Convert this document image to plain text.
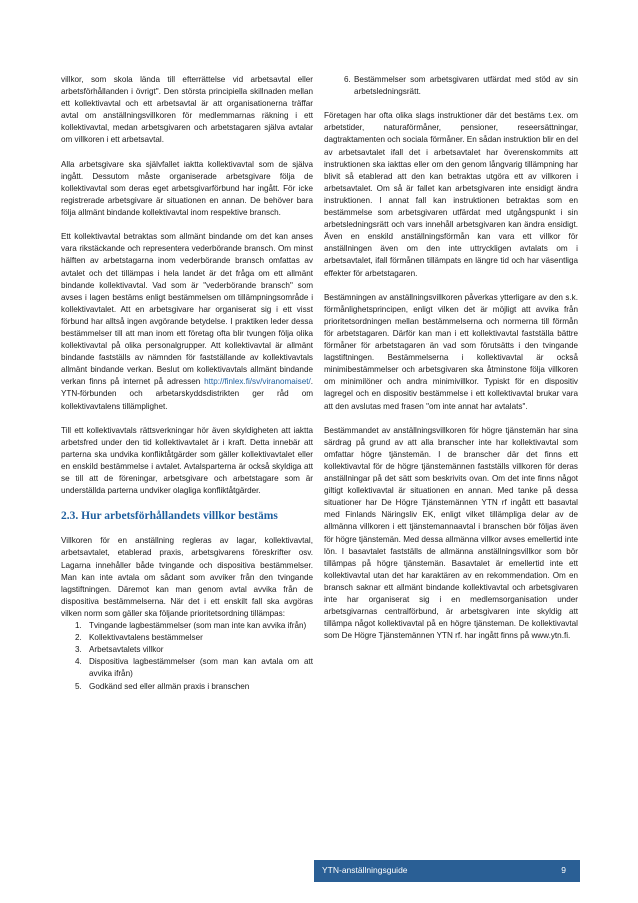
villkor, som skola lända till efterrättelse vid arbetsavtal eller arbetsförhållanden i övrigt". Den största principiella skillnaden mellan ett kollektivavtal och ett arbetsavtal är att organisationerna träffar avtal om anställningsvillkoren för medlemmarnas räkning i ett kollektivavtal, medan arbetsgivaren och arbetstagaren själva avtalar om villkoren i ett arbetsavtal.

Alla arbetsgivare ska självfallet iaktta kollektivavtal som de själva ingått. Dessutom måste organiserade arbetsgivare följa de kollektivavtal som deras eget arbetsgivarförbund har ingått. För icke registrerade arbetsgivare är situationen en annan. De behöver bara följa allmänt bindande kollektivavtal inom respektive bransch.

Ett kollektivavtal betraktas som allmänt bindande om det kan anses vara rikstäckande och representera vederbörande bransch. Om minst hälften av arbetstagarna inom vederbörande bransch omfattas av avtalet och det tillämpas i hela landet är det fråga om ett allmänt bindande kollektivavtal. Vad som är "vederbörande bransch" som avses i lagen bestäms enligt bestämmelsen om tillämpningsområde i kollektivavtalet. Att en arbetsgivare har organiserat sig i ett visst förbund har alltså ingen avgörande betydelse. I praktiken leder dessa bestämmelser till att man inom ett företag ofta blir tvungen följa olika kollektivavtal på olika personalgrupper. Att kollektivavtal är allmänt bindande fastställs av nämnden för fastställande av kollektivavtals allmänt bindande verkan. Beslut om kollektivavtals allmänt bindande verkan finns på internet på adressen http://finlex.fi/sv/viranomaiset/. YTN-förbunden och arbetarskyddsdistrikten ger råd om kollektivavtalens tillämplighet.

Till ett kollektivavtals rättsverkningar hör även skyldigheten att iaktta arbetsfred under den tid kollektivavtalet är i kraft. Detta innebär att parterna ska undvika konfliktåtgärder som gäller kollektivavtalet eller en enskild bestämmelse i avtalet. Avtalsparterna är också skyldiga att se till att de föreningar, arbetsgivare och arbetstagare som är underställda parterna undviker olagliga konfliktåtgärder.

2.3. Hur arbetsförhållandets villkor bestäms

Villkoren för en anställning regleras av lagar, kollektivavtal, arbetsavtalet, etablerad praxis, arbetsgivarens föreskrifter osv. Lagarna innehåller både tvingande och dispositiva bestämmelser. Man kan inte avtala om sådant som avviker från den tvingande lagstiftningen. Däremot kan man genom avtal avvika från de dispositiva bestämmelserna. När det i ett enskilt fall ska avgöras vilken norm som gäller ska följande prioritetsordning tillämpas:

1. Tvingande lagbestämmelser (som man inte kan avvika ifrån)
2. Kollektivavtalens bestämmelser
3. Arbetsavtalets villkor
4. Dispositiva lagbestämmelser (som man kan avtala om att avvika ifrån)
5. Godkänd sed eller allmän praxis i branschen
6. Bestämmelser som arbetsgivaren utfärdat med stöd av sin arbetsledningsrätt.

Företagen har ofta olika slags instruktioner där det bestäms t.ex. om arbetstider, naturaförmåner, pensioner, reseersättningar, dagtraktamenten och sociala förmåner. En sådan instruktion blir en del av arbetsavtalet ifall det i arbetsavtalet har överenskommits att instruktionen ska iakttas eller om den genom långvarig tillämpning har blivit så etablerad att den kan betraktas utgöra ett av villkoren i arbetsavtalet. Om så är fallet kan arbetsgivaren inte ensidigt ändra instruktionen. I annat fall kan instruktionen betraktas som en bestämmelse som arbetsgivaren utfärdat med utgångspunkt i sin arbetsledningsrätt och vars innehåll arbetsgivaren kan ändra ensidigt. Även en enskild anställningsförmån kan vara ett villkor för anställningen även om den inte uttryckligen avtalats om i arbetsavtalet, ifall förmånen tillämpats en längre tid och har väsentliga effekter för arbetstagaren.

Bestämningen av anställningsvillkoren påverkas ytterligare av den s.k. förmånlighetsprincipen, enligt vilken det är möjligt att avvika från prioritetsordningen mellan bestämmelserna och normerna till förmån för arbetstagaren. Därför kan man i ett kollektivavtal fastställa bättre förmåner för arbetstagaren än vad som förutsätts i den tvingande lagstiftningen. Bestämmelserna i kollektivavtal är också minimibestämmelser och arbetsgivaren ska åtminstone följa villkoren om minimilöner och andra minimivillkor. Typiskt för en dispositiv lagregel och en dispositiv bestämmelse i ett kollektivavtal brukar vara att den avslutas med frasen "om inte annat har avtalats".

Bestämmandet av anställningsvillkoren för högre tjänstemän har sina särdrag på grund av att alla branscher inte har kollektivavtal som omfattar högre tjänstemän. I de branscher där det finns ett kollektivavtal för de högre tjänstemännen fastställs villkoren för deras anställningar på det sätt som beskrivits ovan. Om det inte finns något giltigt kollektivavtal är situationen en annan. Med tanke på dessa situationer har De Högre Tjänstemännen YTN rf ingått ett basavtal med Finlands Näringsliv EK, enligt vilket tillämpliga delar av de allmänna villkoren i ett tjänstemannaavtal i branschen bör följas även för högre tjänstemän. Med dessa allmänna villkor avses emellertid inte lön. I basavtalet fastställs de allmänna anställningsvillkor som bör tillämpas på högre tjänstemän. Basavtalet är emellertid inte ett kollektivavtal utan det har karaktären av en rekommendation. Om en bransch saknar ett allmänt bindande kollektivavtal och arbetsgivaren inte har organiserat sig i en medlemsorganisation under arbetsgivarnas centralförbund, är arbetsgivaren inte skyldig att tillämpa något kollektivavtal på en högre tjänsteman. De kollektivavtal som De Högre Tjänstemännen YTN rf. har ingått finns på www.ytn.fi.

YTN-anställningsguide	9
